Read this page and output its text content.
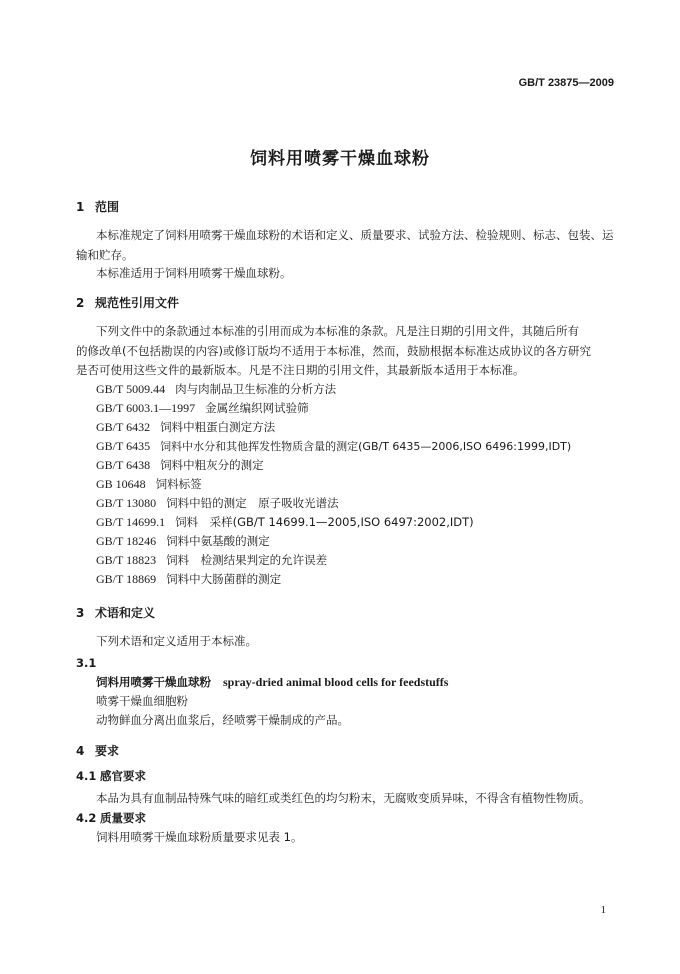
GB/T 23875—2009
饲料用喷雾干燥血球粉
1 范围
本标准规定了饲料用喷雾干燥血球粉的术语和定义、质量要求、试验方法、检验规则、标志、包装、运
输和贮存。
本标准适用于饲料用喷雾干燥血球粉。
2 规范性引用文件
下列文件中的条款通过本标准的引用而成为本标准的条款。凡是注日期的引用文件，其随后所有
的修改单(不包括勘误的内容)或修订版均不适用于本标准，然而，鼓励根据本标准达成协议的各方研究
是否可使用这些文件的最新版本。凡是不注日期的引用文件，其最新版本适用于本标准。
GB/T 5009.44 肉与肉制品卫生标准的分析方法
GB/T 6003.1—1997 金属丝编织网试验筛
GB/T 6432 饲料中粗蛋白测定方法
GB/T 6435 饲料中水分和其他挥发性物质含量的测定(GB/T 6435—2006,ISO 6496:1999,IDT)
GB/T 6438 饲料中粗灰分的测定
GB 10648 饲料标签
GB/T 13080 饲料中铅的测定　原子吸收光谱法
GB/T 14699.1 饲料　采样(GB/T 14699.1—2005,ISO 6497:2002,IDT)
GB/T 18246 饲料中氨基酸的测定
GB/T 18823 饲料　检测结果判定的允许误差
GB/T 18869 饲料中大肠菌群的测定
3 术语和定义
下列术语和定义适用于本标准。
3.1
饲料用喷雾干燥血球粉 spray-dried animal blood cells for feedstuffs
喷雾干燥血细胞粉
动物鲜血分离出血浆后，经喷雾干燥制成的产品。
4 要求
4.1 感官要求
本品为具有血制品特殊气味的暗红或类红色的均匀粉末，无腐败变质异味，不得含有植物性物质。
4.2 质量要求
饲料用喷雾干燥血球粉质量要求见表 1。
1
